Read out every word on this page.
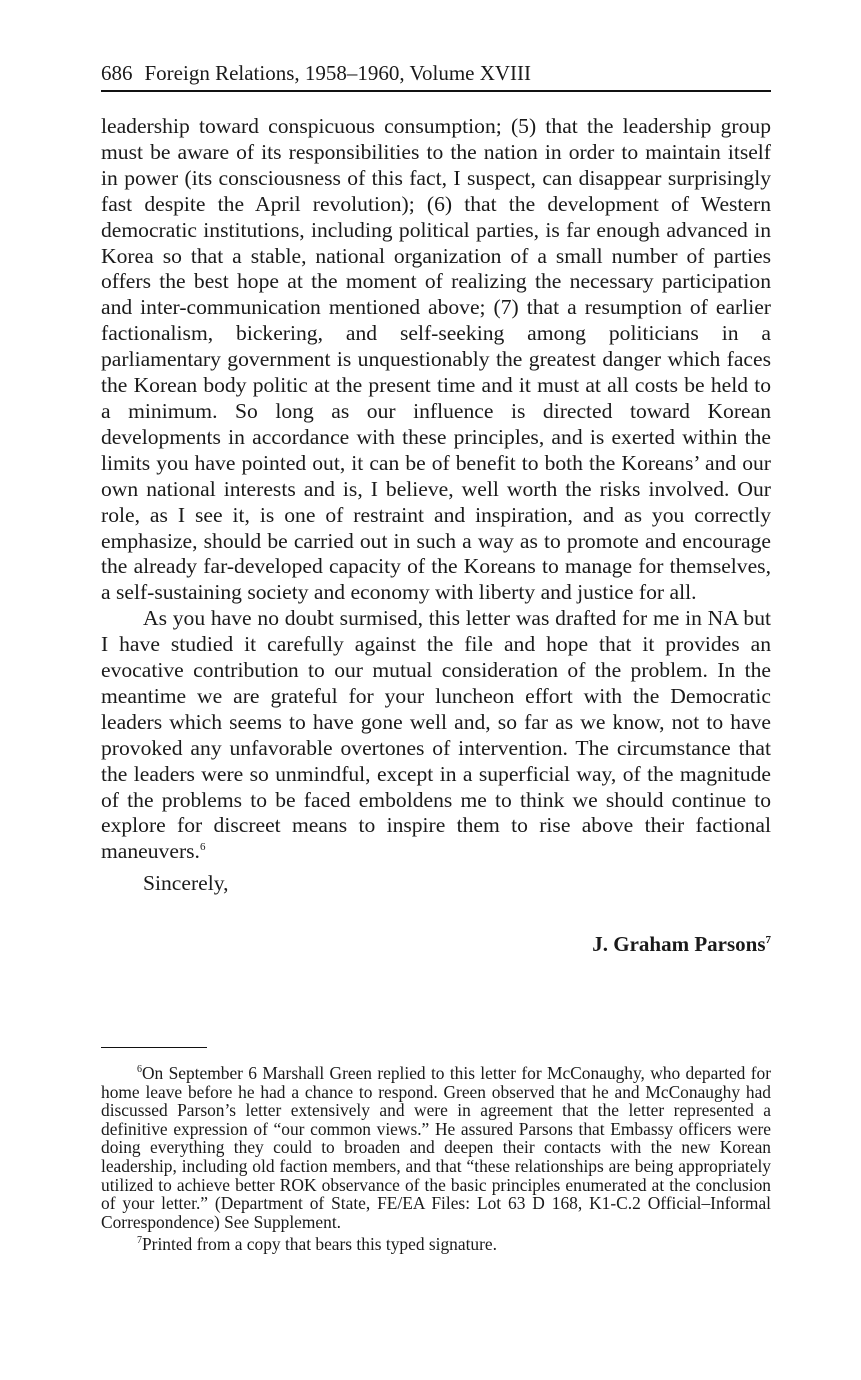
686 Foreign Relations, 1958–1960, Volume XVIII

leadership toward conspicuous consumption; (5) that the leadership group must be aware of its responsibilities to the nation in order to maintain itself in power (its consciousness of this fact, I suspect, can disappear surprisingly fast despite the April revolution); (6) that the development of Western democratic institutions, including political parties, is far enough advanced in Korea so that a stable, national organization of a small number of parties offers the best hope at the moment of realizing the necessary participation and inter-communication mentioned above; (7) that a resumption of earlier factionalism, bickering, and self-seeking among politicians in a parliamentary government is unquestionably the greatest danger which faces the Korean body politic at the present time and it must at all costs be held to a minimum. So long as our influence is directed toward Korean developments in accordance with these principles, and is exerted within the limits you have pointed out, it can be of benefit to both the Koreans’ and our own national interests and is, I believe, well worth the risks involved. Our role, as I see it, is one of restraint and inspiration, and as you correctly emphasize, should be carried out in such a way as to promote and encourage the already far-developed capacity of the Koreans to manage for themselves, a self-sustaining society and economy with liberty and justice for all.

As you have no doubt surmised, this letter was drafted for me in NA but I have studied it carefully against the file and hope that it provides an evocative contribution to our mutual consideration of the problem. In the meantime we are grateful for your luncheon effort with the Democratic leaders which seems to have gone well and, so far as we know, not to have provoked any unfavorable overtones of intervention. The circumstance that the leaders were so unmindful, except in a superficial way, of the magnitude of the problems to be faced emboldens me to think we should continue to explore for discreet means to inspire them to rise above their factional maneuvers.$^6$

Sincerely,

J. Graham Parsons$^7$

$^6$On September 6 Marshall Green replied to this letter for McConaughy, who departed for home leave before he had a chance to respond. Green observed that he and McConaughy had discussed Parson’s letter extensively and were in agreement that the letter represented a definitive expression of “our common views.” He assured Parsons that Embassy officers were doing everything they could to broaden and deepen their contacts with the new Korean leadership, including old faction members, and that “these relationships are being appropriately utilized to achieve better ROK observance of the basic principles enumerated at the conclusion of your letter.” (Department of State, FE/EA Files: Lot 63 D 168, K1-C.2 Official–Informal Correspondence) See Supplement.

$^7$Printed from a copy that bears this typed signature.
